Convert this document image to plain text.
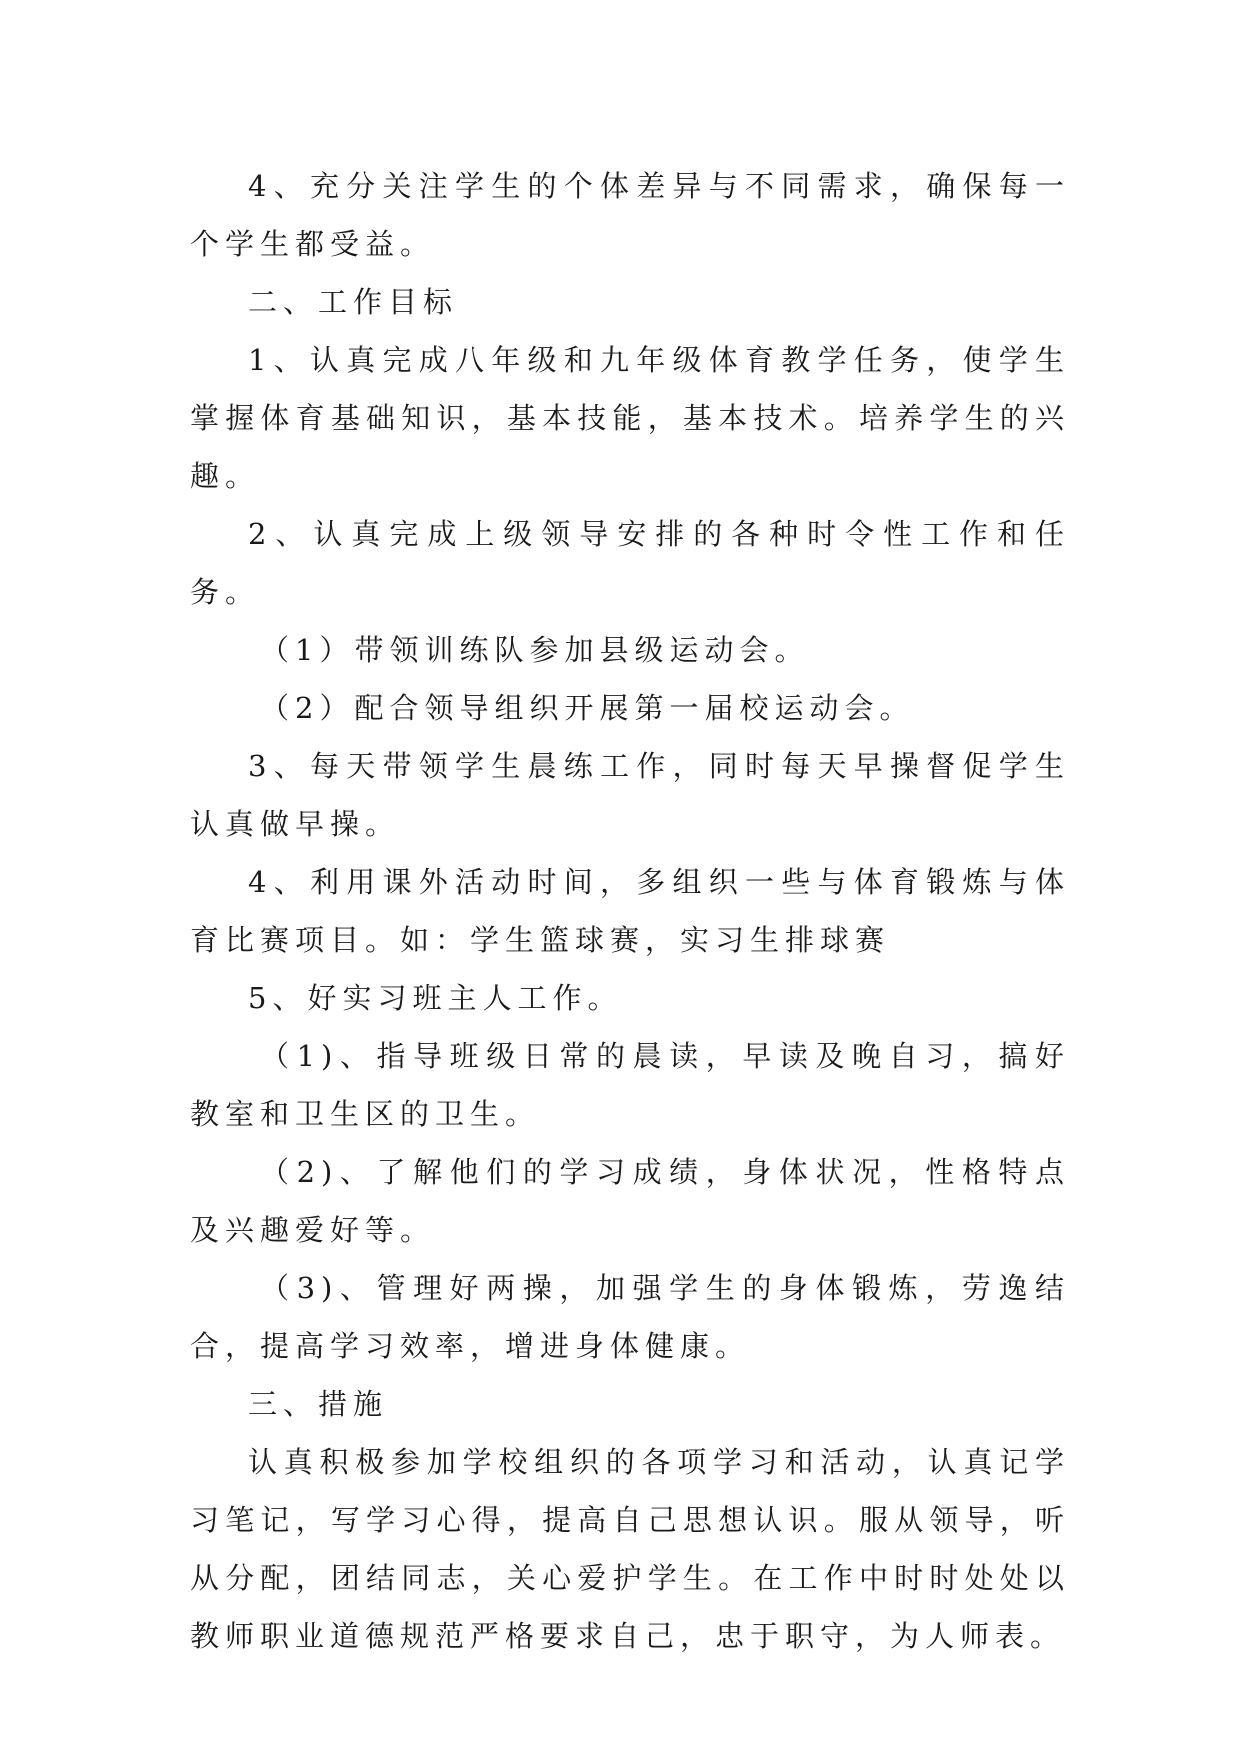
4、充分关注学生的个体差异与不同需求，确保每一个学生都受益。

二、工作目标

1、认真完成八年级和九年级体育教学任务，使学生掌握体育基础知识，基本技能，基本技术。培养学生的兴趣。

2、认真完成上级领导安排的各种时令性工作和任务。

（1）带领训练队参加县级运动会。

（2）配合领导组织开展第一届校运动会。

3、每天带领学生晨练工作，同时每天早操督促学生认真做早操。

4、利用课外活动时间，多组织一些与体育锻炼与体育比赛项目。如：学生篮球赛，实习生排球赛

5、好实习班主人工作。

（1)、指导班级日常的晨读，早读及晚自习，搞好教室和卫生区的卫生。

（2)、了解他们的学习成绩，身体状况，性格特点及兴趣爱好等。

（3)、管理好两操，加强学生的身体锻炼，劳逸结合，提高学习效率，增进身体健康。

三、措施

认真积极参加学校组织的各项学习和活动，认真记学习笔记，写学习心得，提高自己思想认识。服从领导，听从分配，团结同志，关心爱护学生。在工作中时时处处以教师职业道德规范严格要求自己，忠于职守，为人师表。
